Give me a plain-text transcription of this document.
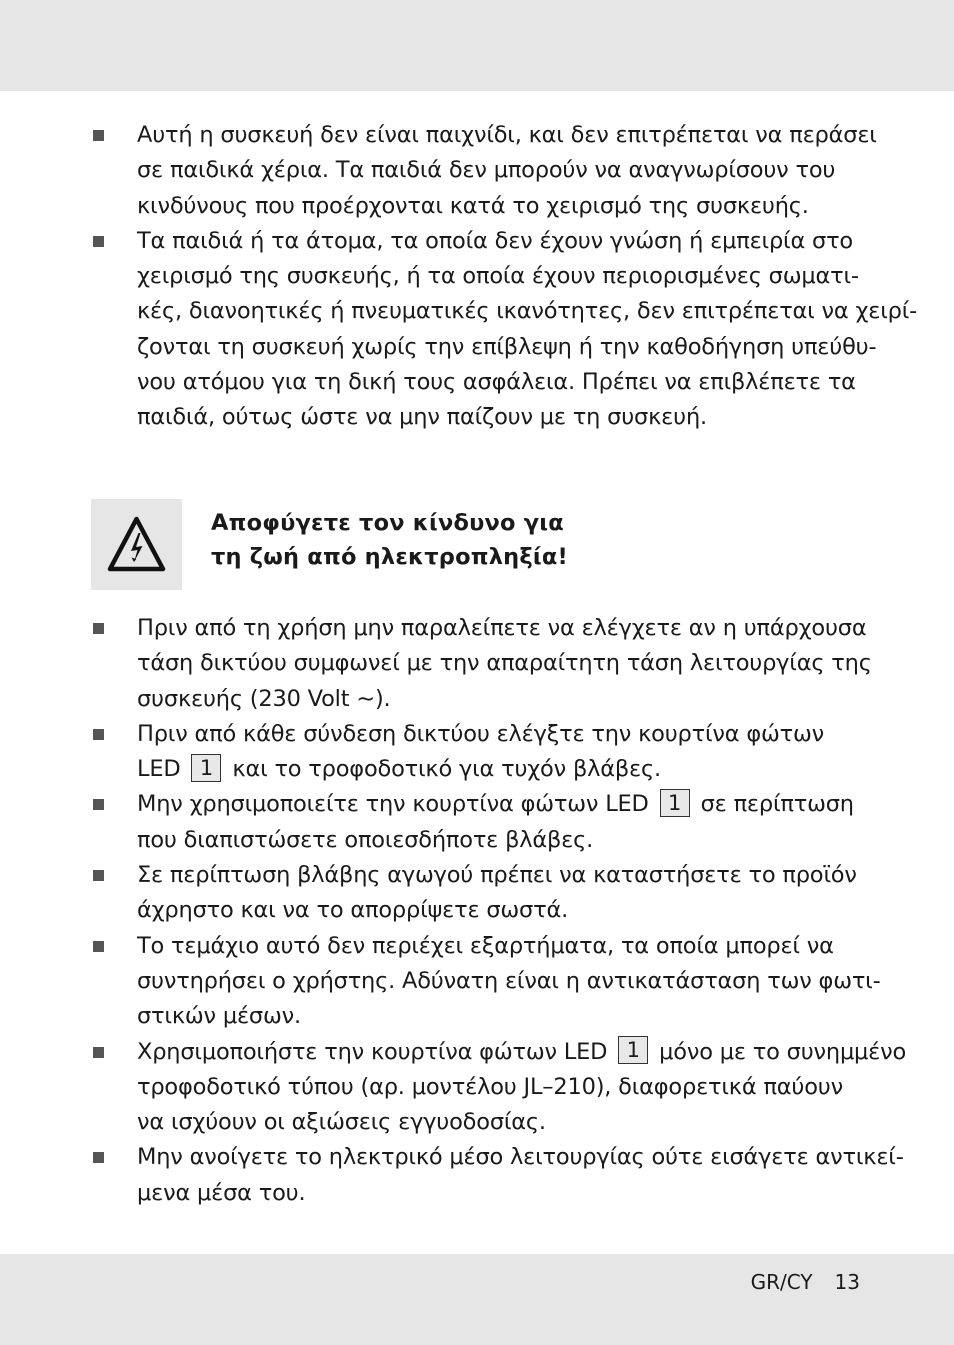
Αυτή η συσκευή δεν είναι παιχνίδι, και δεν επιτρέπεται να περάσει
σε παιδικά χέρια. Τα παιδιά δεν μπορούν να αναγνωρίσουν του
κινδύνους που προέρχονται κατά το χειρισμό της συσκευής.
Τα παιδιά ή τα άτομα, τα οποία δεν έχουν γνώση ή εμπειρία στο
χειρισμό της συσκευής, ή τα οποία έχουν περιορισμένες σωματι-
κές, διανοητικές ή πνευματικές ικανότητες, δεν επιτρέπεται να χειρί-
ζονται τη συσκευή χωρίς την επίβλεψη ή την καθοδήγηση υπεύθυ-
νου ατόμου για τη δική τους ασφάλεια. Πρέπει να επιβλέπετε τα
παιδιά, ούτως ώστε να μην παίζουν με τη συσκευή.
Αποφύγετε τον κίνδυνο για
τη ζωή από ηλεκτροπληξία!
Πριν από τη χρήση μην παραλείπετε να ελέγχετε αν η υπάρχουσα
τάση δικτύου συμφωνεί με την απαραίτητη τάση λειτουργίας της
συσκευής (230 Volt ∼).
Πριν από κάθε σύνδεση δικτύου ελέγξτε την κουρτίνα φώτων
LED 1 και το τροφοδοτικό για τυχόν βλάβες.
Μην χρησιμοποιείτε την κουρτίνα φώτων LED 1 σε περίπτωση
που διαπιστώσετε οποιεσδήποτε βλάβες.
Σε περίπτωση βλάβης αγωγού πρέπει να καταστήσετε το προϊόν
άχρηστο και να το απορρίψετε σωστά.
Το τεμάχιο αυτό δεν περιέχει εξαρτήματα, τα οποία μπορεί να
συντηρήσει ο χρήστης. Αδύνατη είναι η αντικατάσταση των φωτι-
στικών μέσων.
Χρησιμοποιήστε την κουρτίνα φώτων LED 1 μόνο με το συνημμένο
τροφοδοτικό τύπου (αρ. μοντέλου JL–210), διαφορετικά παύουν
να ισχύουν οι αξιώσεις εγγυοδοσίας.
Μην ανοίγετε το ηλεκτρικό μέσο λειτουργίας ούτε εισάγετε αντικεί-
μενα μέσα του.
GR/CY 13
